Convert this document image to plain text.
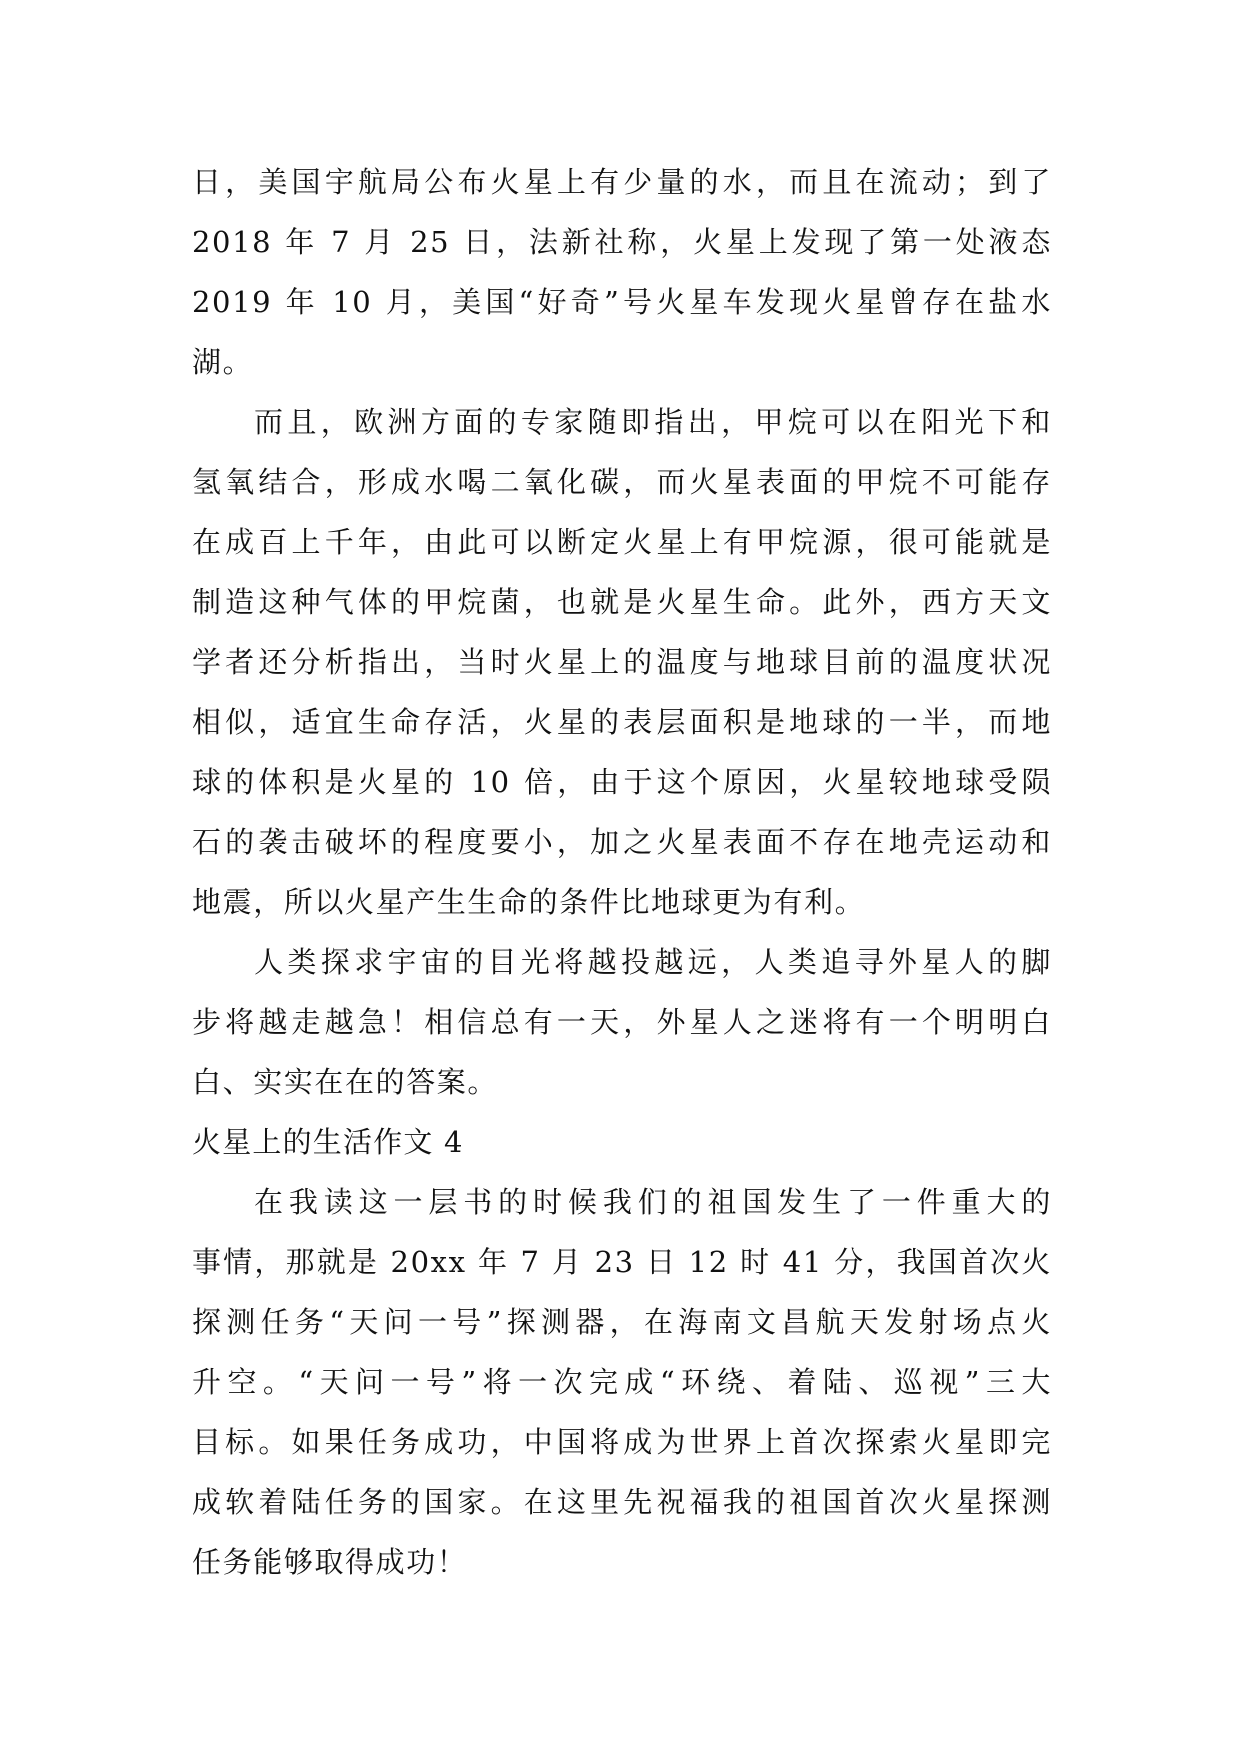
日，美国宇航局公布火星上有少量的水，而且在流动；到了
2018 年 7 月 25 日，法新社称，火星上发现了第一处液态
2019 年 10 月，美国“好奇”号火星车发现火星曾存在盐水
湖。
而且，欧洲方面的专家随即指出，甲烷可以在阳光下和
氢氧结合，形成水喝二氧化碳，而火星表面的甲烷不可能存
在成百上千年，由此可以断定火星上有甲烷源，很可能就是
制造这种气体的甲烷菌，也就是火星生命。此外，西方天文
学者还分析指出，当时火星上的温度与地球目前的温度状况
相似，适宜生命存活，火星的表层面积是地球的一半，而地
球的体积是火星的 10 倍，由于这个原因，火星较地球受陨
石的袭击破坏的程度要小，加之火星表面不存在地壳运动和
地震，所以火星产生生命的条件比地球更为有利。
人类探求宇宙的目光将越投越远，人类追寻外星人的脚
步将越走越急！相信总有一天，外星人之迷将有一个明明白
白、实实在在的答案。
火星上的生活作文 4
在我读这一层书的时候我们的祖国发生了一件重大的
事情，那就是 20xx 年 7 月 23 日 12 时 41 分，我国首次火
探测任务“天问一号”探测器，在海南文昌航天发射场点火
升空。“天问一号”将一次完成“环绕、着陆、巡视”三大
目标。如果任务成功，中国将成为世界上首次探索火星即完
成软着陆任务的国家。在这里先祝福我的祖国首次火星探测
任务能够取得成功！
